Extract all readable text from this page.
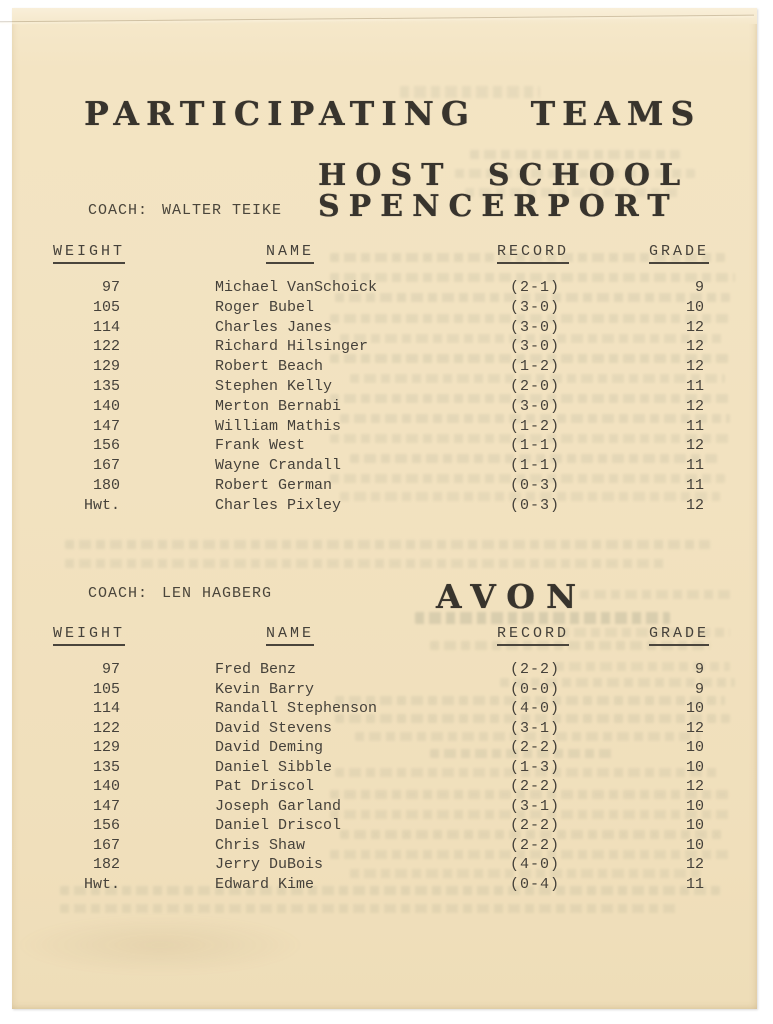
PARTICIPATING TEAMS
HOST SCHOOL
SPENCERPORT
COACH: WALTER TEIKE
WEIGHT	NAME	RECORD	GRADE
97	Michael VanSchoick	(2-1)	9
105	Roger Bubel	(3-0)	10
114	Charles Janes	(3-0)	12
122	Richard Hilsinger	(3-0)	12
129	Robert Beach	(1-2)	12
135	Stephen Kelly	(2-0)	11
140	Merton Bernabi	(3-0)	12
147	William Mathis	(1-2)	11
156	Frank West	(1-1)	12
167	Wayne Crandall	(1-1)	11
180	Robert German	(0-3)	11
Hwt.	Charles Pixley	(0-3)	12
AVON
COACH: LEN HAGBERG
WEIGHT	NAME	RECORD	GRADE
97	Fred Benz	(2-2)	9
105	Kevin Barry	(0-0)	9
114	Randall Stephenson	(4-0)	10
122	David Stevens	(3-1)	12
129	David Deming	(2-2)	10
135	Daniel Sibble	(1-3)	10
140	Pat Driscol	(2-2)	12
147	Joseph Garland	(3-1)	10
156	Daniel Driscol	(2-2)	10
167	Chris Shaw	(2-2)	10
182	Jerry DuBois	(4-0)	12
Hwt.	Edward Kime	(0-4)	11
